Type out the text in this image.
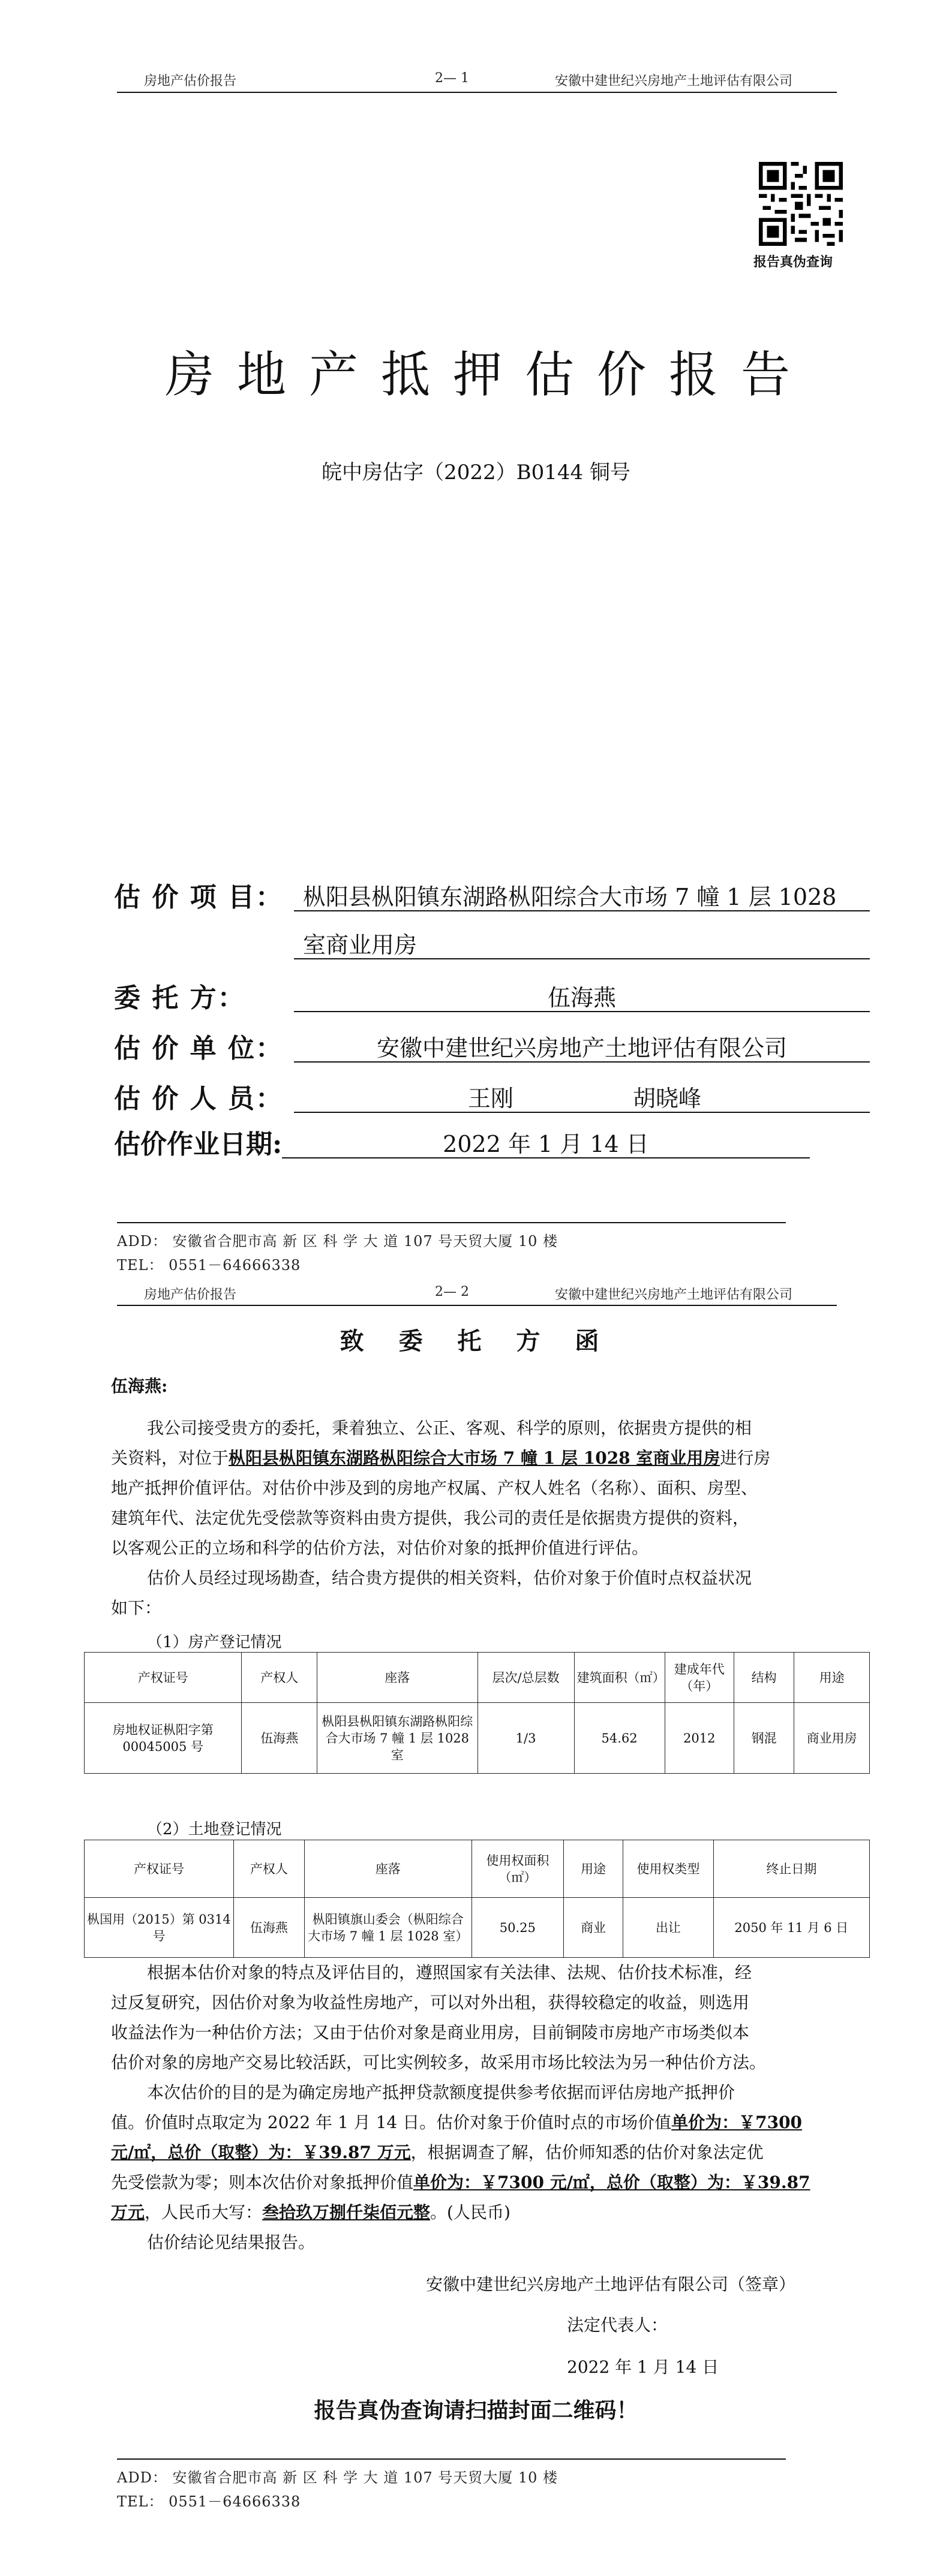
房地产估价报告	2— 1	安徽中建世纪兴房地产土地评估有限公司
报告真伪查询
房地产抵押估价报告
皖中房估字（2022）B0144 铜号
估 价 项 目： 枞阳县枞阳镇东湖路枞阳综合大市场 7 幢 1 层 1028
室商业用房
委 托 方：	伍海燕
估 价 单 位：	安徽中建世纪兴房地产土地评估有限公司
估 价 人 员：	王刚	胡晓峰
估价作业日期:	2022 年 1 月 14 日
ADD： 安徽省合肥市高 新 区 科 学 大 道 107 号天贸大厦 10 楼
TEL： 0551－64666338
房地产估价报告	2— 2	安徽中建世纪兴房地产土地评估有限公司
致 委 托 方 函
伍海燕:
我公司接受贵方的委托，秉着独立、公正、客观、科学的原则，依据贵方提供的相
关资料，对位于枞阳县枞阳镇东湖路枞阳综合大市场 7 幢 1 层 1028 室商业用房进行房
地产抵押价值评估。对估价中涉及到的房地产权属、产权人姓名（名称）、面积、房型、
建筑年代、法定优先受偿款等资料由贵方提供，我公司的责任是依据贵方提供的资料，
以客观公正的立场和科学的估价方法，对估价对象的抵押价值进行评估。
估价人员经过现场勘查，结合贵方提供的相关资料，估价对象于价值时点权益状况
如下：
（1）房产登记情况
产权证号	产权人	座落	层次/总层数	建筑面积（㎡）	建成年代（年）	结构	用途
房地权证枞阳字第 00045005 号	伍海燕	枞阳县枞阳镇东湖路枞阳综合大市场 7 幢 1 层 1028 室	1/3	54.62	2012	钢混	商业用房
（2）土地登记情况
产权证号	产权人	座落	使用权面积（㎡）	用途	使用权类型	终止日期
枞国用（2015）第 0314 号	伍海燕	枞阳镇旗山委会（枞阳综合大市场 7 幢 1 层 1028 室）	50.25	商业	出让	2050 年 11 月 6 日
根据本估价对象的特点及评估目的，遵照国家有关法律、法规、估价技术标准，经
过反复研究，因估价对象为收益性房地产，可以对外出租，获得较稳定的收益，则选用
收益法作为一种估价方法；又由于估价对象是商业用房，目前铜陵市房地产市场类似本
估价对象的房地产交易比较活跃，可比实例较多，故采用市场比较法为另一种估价方法。
本次估价的目的是为确定房地产抵押贷款额度提供参考依据而评估房地产抵押价
值。价值时点取定为 2022 年 1 月 14 日。估价对象于价值时点的市场价值单价为：￥7300
元/㎡，总价（取整）为：￥39.87 万元，根据调查了解，估价师知悉的估价对象法定优
先受偿款为零；则本次估价对象抵押价值单价为：￥7300 元/㎡，总价（取整）为：￥39.87
万元，人民币大写：叁拾玖万捌仟柒佰元整。(人民币)
估价结论见结果报告。
安徽中建世纪兴房地产土地评估有限公司（签章）
法定代表人：
2022 年 1 月 14 日
报告真伪查询请扫描封面二维码！
ADD： 安徽省合肥市高 新 区 科 学 大 道 107 号天贸大厦 10 楼
TEL： 0551－64666338
